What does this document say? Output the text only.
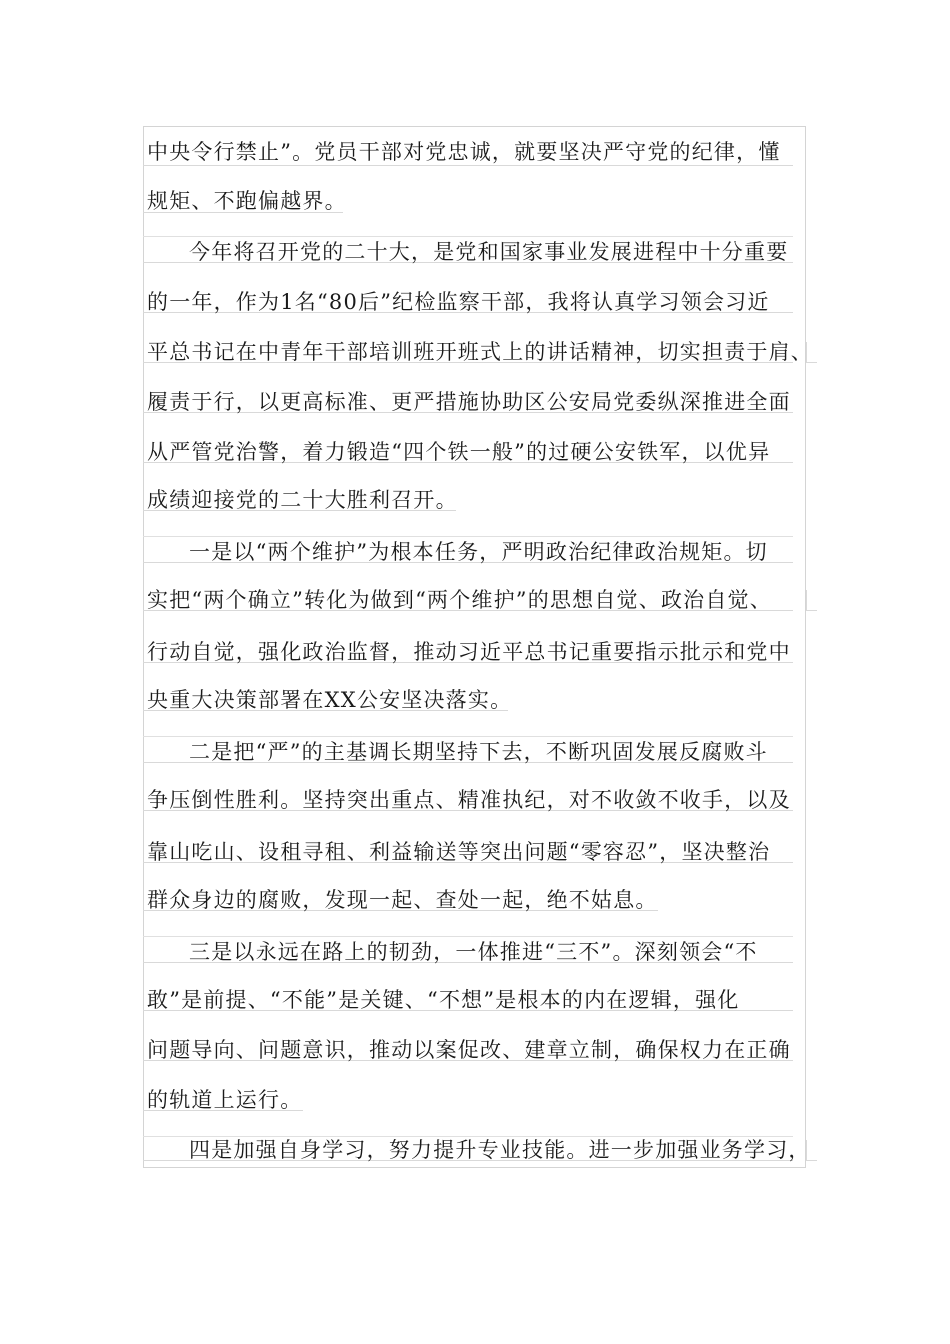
中央令行禁止”。党员干部对党忠诚，就要坚决严守党的纪律，懂
规矩、不跑偏越界。
今年将召开党的二十大，是党和国家事业发展进程中十分重要
的一年，作为1名“80后”纪检监察干部，我将认真学习领会习近
平总书记在中青年干部培训班开班式上的讲话精神，切实担责于肩、
履责于行，以更高标准、更严措施协助区公安局党委纵深推进全面
从严管党治警，着力锻造“四个铁一般”的过硬公安铁军，以优异
成绩迎接党的二十大胜利召开。
一是以“两个维护”为根本任务，严明政治纪律政治规矩。切
实把“两个确立”转化为做到“两个维护”的思想自觉、政治自觉、
行动自觉，强化政治监督，推动习近平总书记重要指示批示和党中
央重大决策部署在XX公安坚决落实。
二是把“严”的主基调长期坚持下去，不断巩固发展反腐败斗
争压倒性胜利。坚持突出重点、精准执纪，对不收敛不收手，以及
靠山吃山、设租寻租、利益输送等突出问题“零容忍”，坚决整治
群众身边的腐败，发现一起、查处一起，绝不姑息。
三是以永远在路上的韧劲，一体推进“三不”。深刻领会“不
敢”是前提、“不能”是关键、“不想”是根本的内在逻辑，强化
问题导向、问题意识，推动以案促改、建章立制，确保权力在正确
的轨道上运行。
四是加强自身学习，努力提升专业技能。进一步加强业务学习，
